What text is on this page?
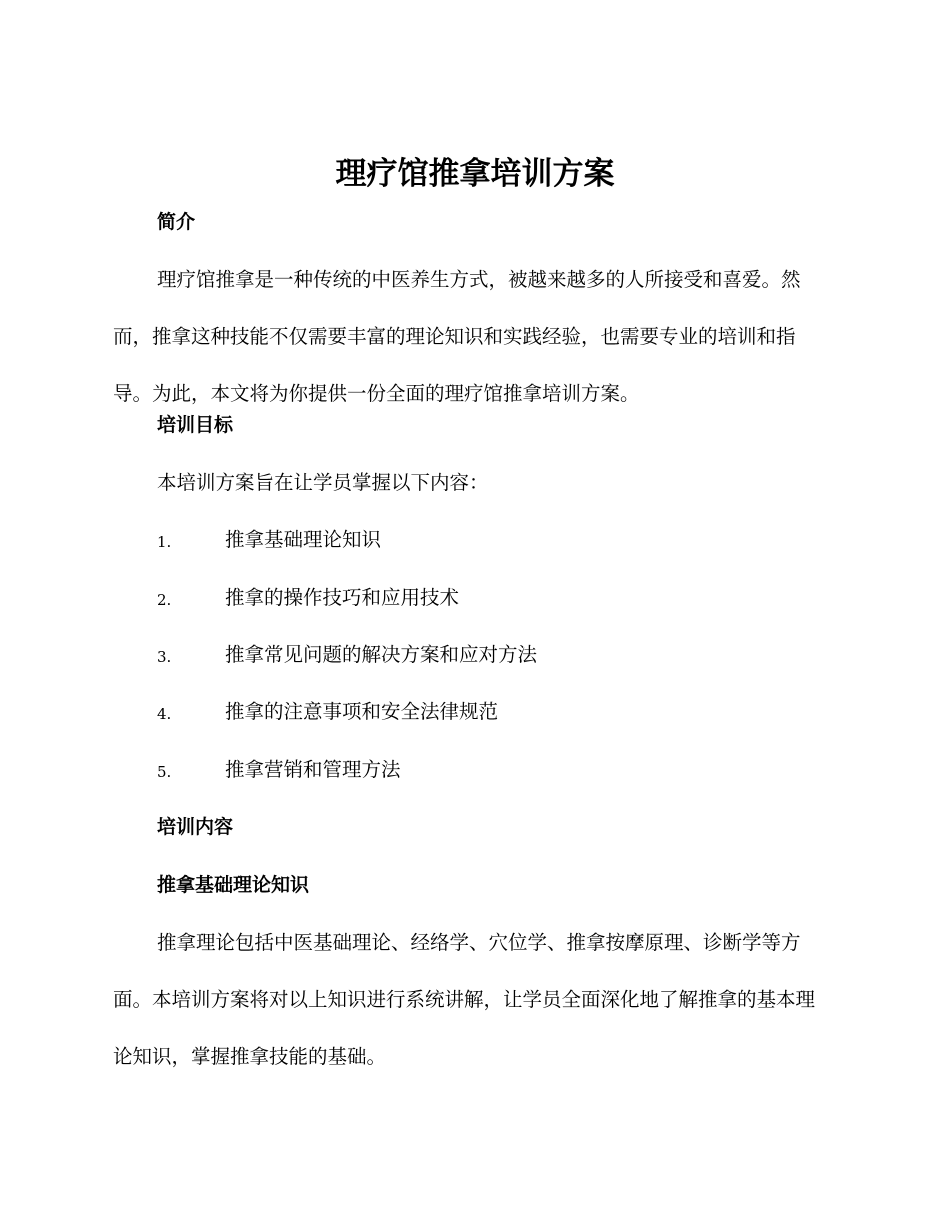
理疗馆推拿培训方案
简介

理疗馆推拿是一种传统的中医养生方式，被越来越多的人所接受和喜爱。然而，推拿这种技能不仅需要丰富的理论知识和实践经验，也需要专业的培训和指导。为此，本文将为你提供一份全面的理疗馆推拿培训方案。

培训目标
本培训方案旨在让学员掌握以下内容：
1.	推拿基础理论知识
2.	推拿的操作技巧和应用技术
3.	推拿常见问题的解决方案和应对方法
4.	推拿的注意事项和安全法律规范
5.	推拿营销和管理方法
培训内容
推拿基础理论知识

推拿理论包括中医基础理论、经络学、穴位学、推拿按摩原理、诊断学等方面。本培训方案将对以上知识进行系统讲解，让学员全面深化地了解推拿的基本理论知识，掌握推拿技能的基础。
